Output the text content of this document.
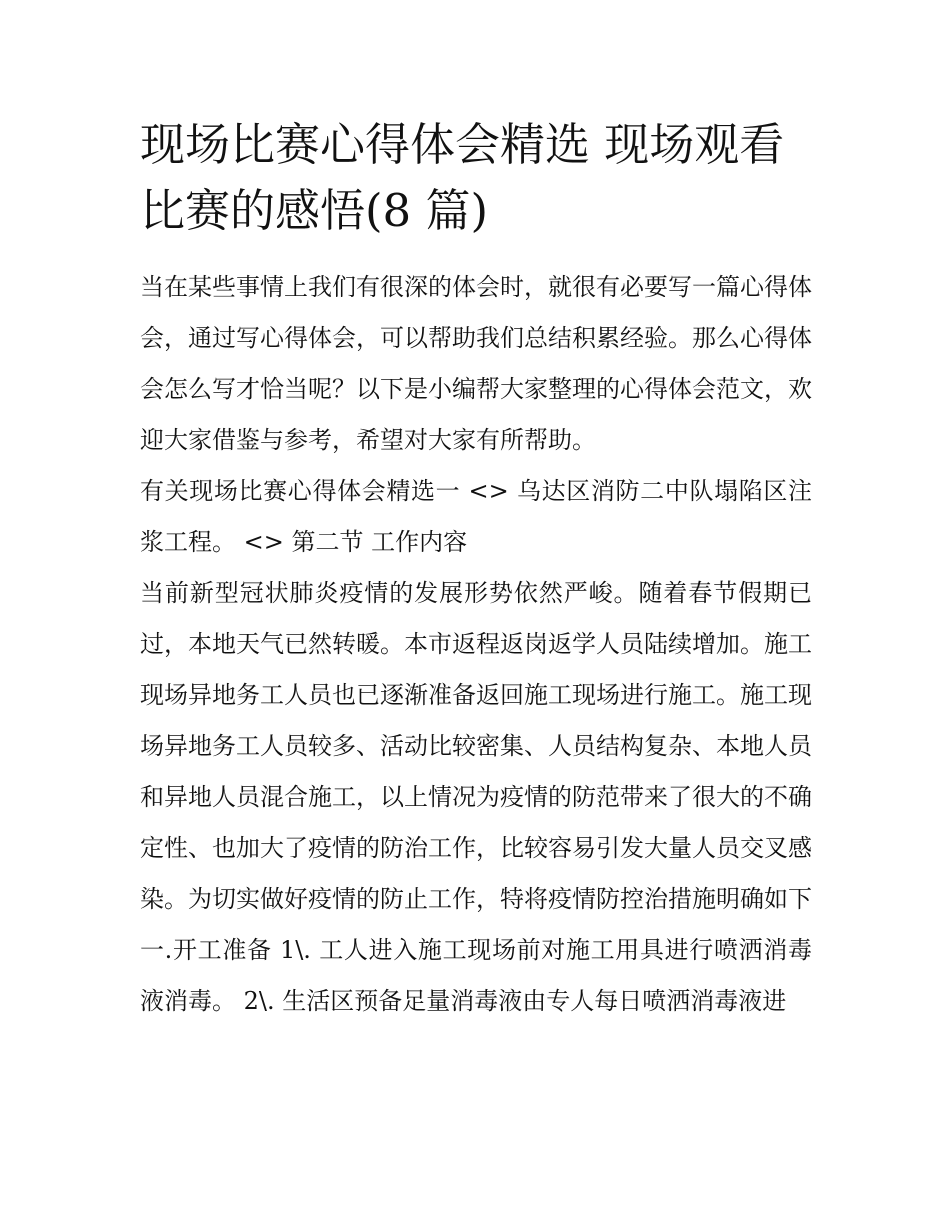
现场比赛心得体会精选 现场观看比赛的感悟(8 篇)

当在某些事情上我们有很深的体会时，就很有必要写一篇心得体会，通过写心得体会，可以帮助我们总结积累经验。那么心得体会怎么写才恰当呢？以下是小编帮大家整理的心得体会范文，欢迎大家借鉴与参考，希望对大家有所帮助。

有关现场比赛心得体会精选一 <> 乌达区消防二中队塌陷区注浆工程。 <> 第二节 工作内容

当前新型冠状肺炎疫情的发展形势依然严峻。随着春节假期已过，本地天气已然转暖。本市返程返岗返学人员陆续增加。施工现场异地务工人员也已逐渐准备返回施工现场进行施工。施工现场异地务工人员较多、活动比较密集、人员结构复杂、本地人员和异地人员混合施工，以上情况为疫情的防范带来了很大的不确定性、也加大了疫情的防治工作，比较容易引发大量人员交叉感染。为切实做好疫情的防止工作，特将疫情防控治措施明确如下

一.开工准备 1\. 工人进入施工现场前对施工用具进行喷洒消毒液消毒。 2\. 生活区预备足量消毒液由专人每日喷洒消毒液进
